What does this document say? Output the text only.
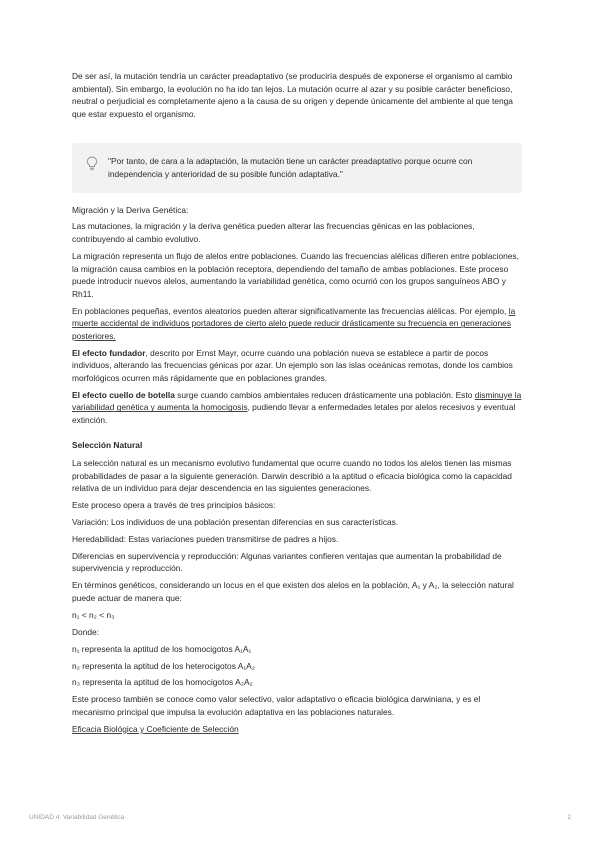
De ser así, la mutación tendría un carácter preadaptativo (se produciría después de exponerse el organismo al cambio ambiental). Sin embargo, la evolución no ha ido tan lejos. La mutación ocurre al azar y su posible carácter beneficioso, neutral o perjudicial es completamente ajeno a la causa de su origen y depende únicamente del ambiente al que tenga que estar expuesto el organismo.

"Por tanto, de cara a la adaptación, la mutación tiene un carácter preadaptativo porque ocurre con independencia y anterioridad de su posible función adaptativa."

Migración y la Deriva Genética:

Las mutaciones, la migración y la deriva genética pueden alterar las frecuencias génicas en las poblaciones, contribuyendo al cambio evolutivo.

La migración representa un flujo de alelos entre poblaciones. Cuando las frecuencias alélicas difieren entre poblaciones, la migración causa cambios en la población receptora, dependiendo del tamaño de ambas poblaciones. Este proceso puede introducir nuevos alelos, aumentando la variabilidad genética, como ocurrió con los grupos sanguíneos ABO y Rh11.

En poblaciones pequeñas, eventos aleatorios pueden alterar significativamente las frecuencias alélicas. Por ejemplo, la muerte accidental de individuos portadores de cierto alelo puede reducir drásticamente su frecuencia en generaciones posteriores.

El efecto fundador, descrito por Ernst Mayr, ocurre cuando una población nueva se establece a partir de pocos individuos, alterando las frecuencias génicas por azar. Un ejemplo son las islas oceánicas remotas, donde los cambios morfológicos ocurren más rápidamente que en poblaciones grandes.

El efecto cuello de botella surge cuando cambios ambientales reducen drásticamente una población. Esto disminuye la variabilidad genética y aumenta la homocigosis, pudiendo llevar a enfermedades letales por alelos recesivos y eventual extinción.

Selección Natural

La selección natural es un mecanismo evolutivo fundamental que ocurre cuando no todos los alelos tienen las mismas probabilidades de pasar a la siguiente generación. Darwin describió a la aptitud o eficacia biológica como la capacidad relativa de un individuo para dejar descendencia en las siguientes generaciones.

Este proceso opera a través de tres principios básicos:

Variación: Los individuos de una población presentan diferencias en sus características.

Heredabilidad: Estas variaciones pueden transmitirse de padres a hijos.

Diferencias en supervivencia y reproducción: Algunas variantes confieren ventajas que aumentan la probabilidad de supervivencia y reproducción.

En términos genéticos, considerando un locus en el que existen dos alelos en la población, A₁ y A₂, la selección natural puede actuar de manera que:

n₁ < n₂ < n₃

Donde:

n₁ representa la aptitud de los homocigotos A₁A₁

n₂ representa la aptitud de los heterocigotos A₁A₂

n₃ representa la aptitud de los homocigotos A₂A₂

Este proceso también se conoce como valor selectivo, valor adaptativo o eficacia biológica darwiniana, y es el mecanismo principal que impulsa la evolución adaptativa en las poblaciones naturales.

Eficacia Biológica y Coeficiente de Selección

UNIDAD 4. Variabilidad Genética	2
